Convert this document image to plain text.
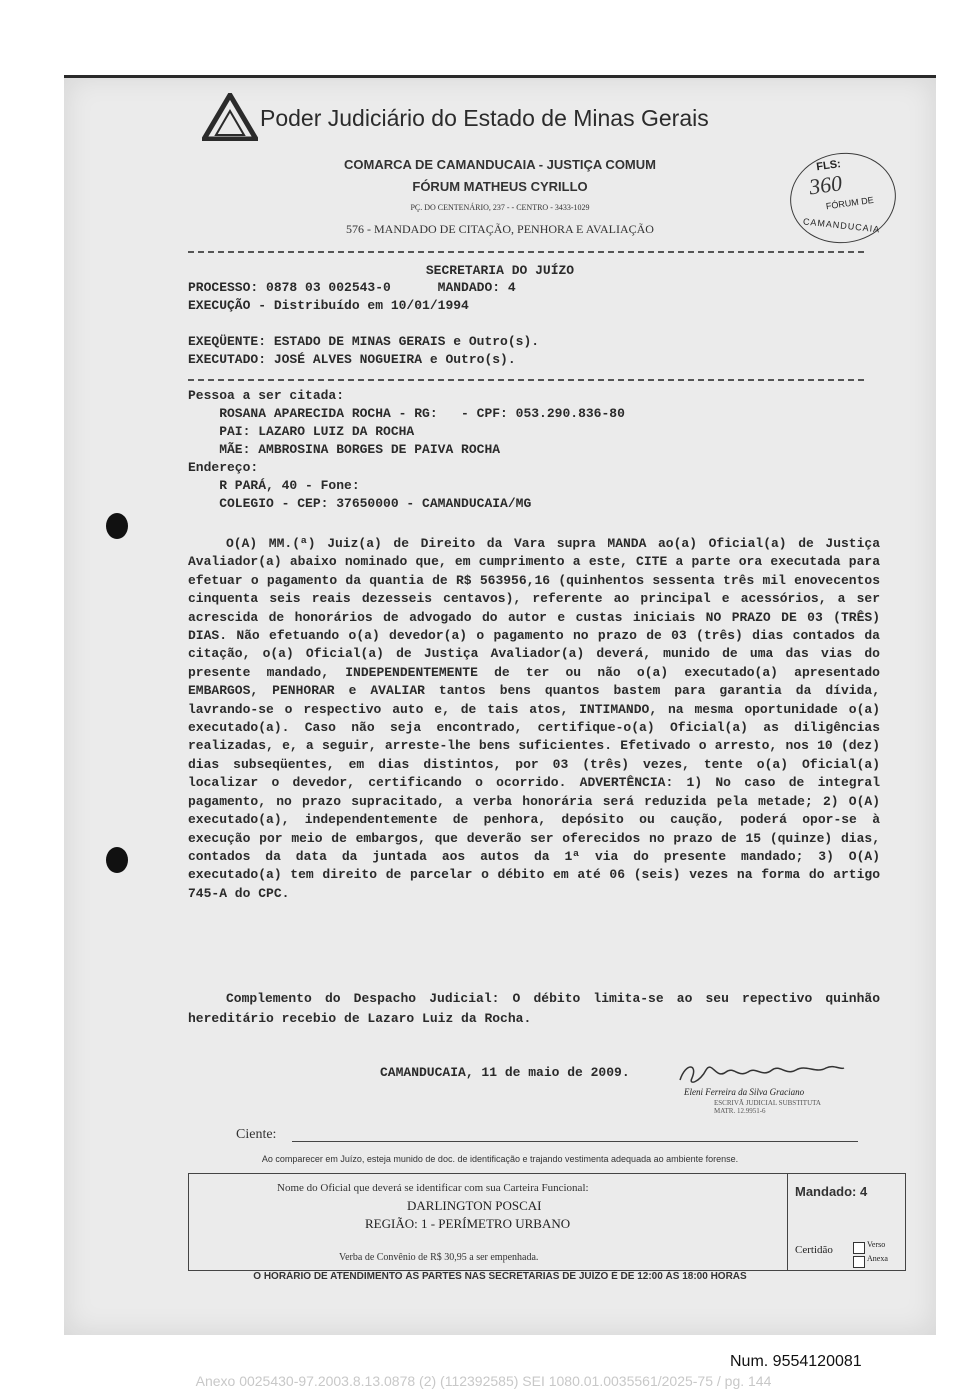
Poder Judiciário do Estado de Minas Gerais
COMARCA DE CAMANDUCAIA - JUSTIÇA COMUM
FÓRUM MATHEUS CYRILLO
PÇ. DO CENTENÁRIO, 237 - - CENTRO - 3433-1029
576 - MANDADO DE CITAÇÃO, PENHORA E AVALIAÇÃO
FLS:
360
FÓRUM DE
CAMANDUCAIA
SECRETARIA DO JUÍZO
PROCESSO: 0878 03 002543-0      MANDADO: 4
EXECUÇÃO - Distribuído em 10/01/1994
EXEQÜENTE: ESTADO DE MINAS GERAIS e Outro(s).
EXECUTADO: JOSÉ ALVES NOGUEIRA e Outro(s).
Pessoa a ser citada:
ROSANA APARECIDA ROCHA - RG:   - CPF: 053.290.836-80
PAI: LAZARO LUIZ DA ROCHA
MÃE: AMBROSINA BORGES DE PAIVA ROCHA
Endereço:
R PARÁ, 40 - Fone:
COLEGIO - CEP: 37650000 - CAMANDUCAIA/MG
O(A) MM.(ª) Juiz(a) de Direito da Vara supra MANDA ao(a) Oficial(a) de Justiça Avaliador(a) abaixo nominado que, em cumprimento a este, CITE a parte ora executada para efetuar o pagamento da quantia de R$ 563956,16 (quinhentos sessenta três mil enovecentos cinquenta seis reais dezesseis centavos), referente ao principal e acessórios, a ser acrescida de honorários de advogado do autor e custas iniciais NO PRAZO DE 03 (TRÊS) DIAS. Não efetuando o(a) devedor(a) o pagamento no prazo de 03 (três) dias contados da citação, o(a) Oficial(a) de Justiça Avaliador(a) deverá, munido de uma das vias do presente mandado, INDEPENDENTEMENTE de ter ou não o(a) executado(a) apresentado EMBARGOS, PENHORAR e AVALIAR tantos bens quantos bastem para garantia da dívida, lavrando-se o respectivo auto e, de tais atos, INTIMANDO, na mesma oportunidade o(a) executado(a). Caso não seja encontrado, certifique-o(a) Oficial(a) as diligências realizadas, e, a seguir, arreste-lhe bens suficientes. Efetivado o arresto, nos 10 (dez) dias subseqüentes, em dias distintos, por 03 (três) vezes, tente o(a) Oficial(a) localizar o devedor, certificando o ocorrido. ADVERTÊNCIA: 1) No caso de integral pagamento, no prazo supracitado, a verba honorária será reduzida pela metade; 2) O(A) executado(a), independentemente de penhora, depósito ou caução, poderá opor-se à execução por meio de embargos, que deverão ser oferecidos no prazo de 15 (quinze) dias, contados da data da juntada aos autos da 1ª via do presente mandado; 3) O(A) executado(a) tem direito de parcelar o débito em até 06 (seis) vezes na forma do artigo 745-A do CPC.
Complemento do Despacho Judicial: O débito limita-se ao seu repectivo quinhão hereditário recebio de Lazaro Luiz da Rocha.
CAMANDUCAIA, 11 de maio de 2009.
Eleni Ferreira da Silva Graciano
ESCRIVÃ JUDICIAL SUBSTITUTA
MATR. 12.9951-6
Ciente:
Ao comparecer em Juízo, esteja munido de doc. de identificação e trajando vestimenta adequada ao ambiente forense.
Nome do Oficial que deverá se identificar com sua Carteira Funcional:
DARLINGTON POSCAI
REGIÃO: 1 - PERÍMETRO URBANO
Verba de Convênio de R$ 30,95 a ser empenhada.
Mandado: 4
Certidão	Verso
Anexa
O HORÁRIO DE ATENDIMENTO ÀS PARTES NAS SECRETARIAS DE JUÍZO É DE 12:00 ÀS 18:00 HORAS
Num. 9554120081
Anexo 0025430-97.2003.8.13.0878 (2) (112392585) SEI 1080.01.0035561/2025-75 / pg. 144
